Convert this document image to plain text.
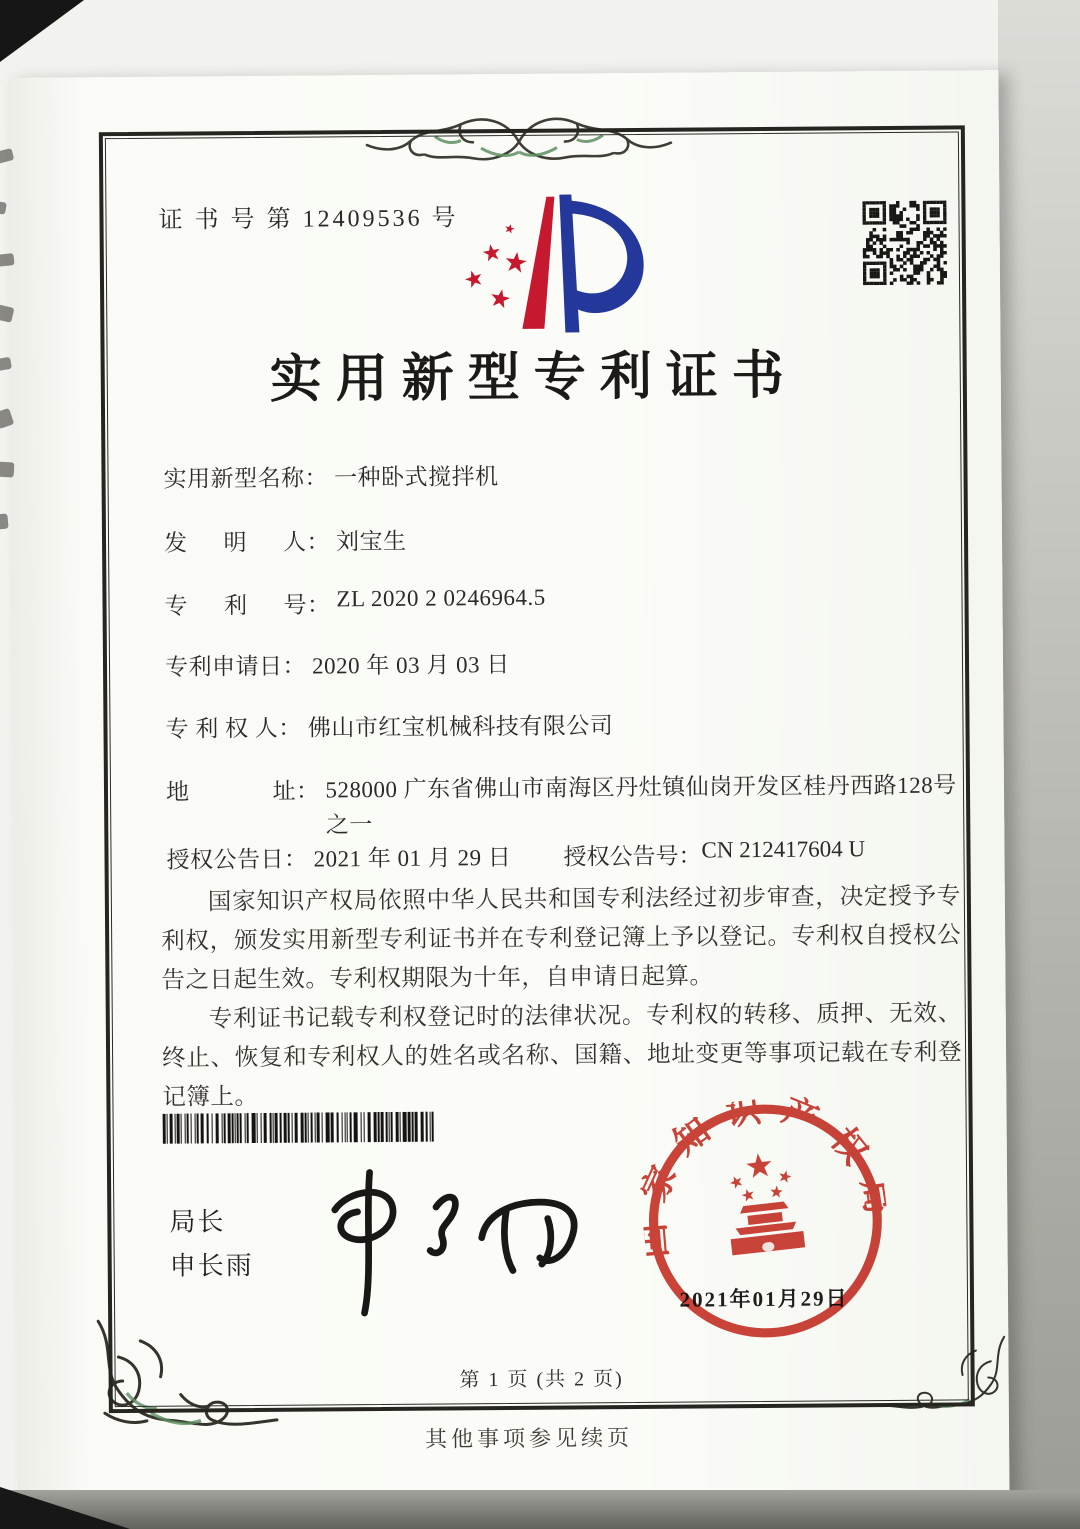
证 书 号 第 12409536 号
实用新型专利证书
实用新型名称： 一种卧式搅拌机
发　  明　  人： 刘宝生
专　  利　  号： ZL 2020 2 0246964.5
专利申请日： 2020 年 03 月 03 日
专 利 权 人： 佛山市红宝机械科技有限公司
地　　　  址： 528000 广东省佛山市南海区丹灶镇仙岗开发区桂丹西路128号之一
授权公告日： 2021 年 01 月 29 日 授权公告号： CN 212417604 U

国家知识产权局依照中华人民共和国专利法经过初步审查，决定授予专利权，颁发实用新型专利证书并在专利登记簿上予以登记。专利权自授权公告之日起生效。专利权期限为十年，自申请日起算。

专利证书记载专利权登记时的法律状况。专利权的转移、质押、无效、终止、恢复和专利权人的姓名或名称、国籍、地址变更等事项记载在专利登记簿上。

局长
申长雨
2021年01月29日
国家知识产权局
第 1 页 (共 2 页)
其他事项参见续页
